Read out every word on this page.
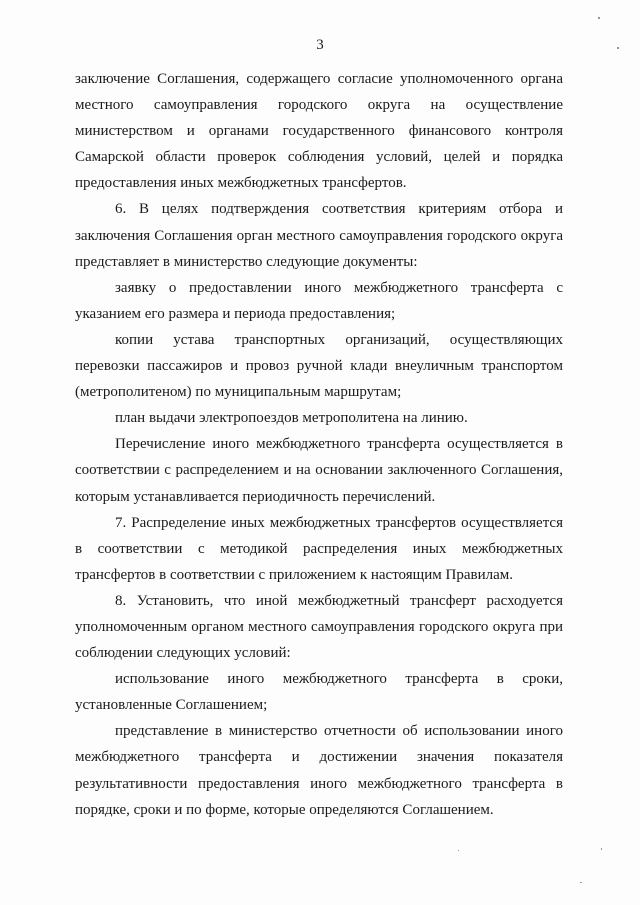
3

заключение Соглашения, содержащего согласие уполномоченного органа местного самоуправления городского округа на осуществление министерством и органами государственного финансового контроля Самарской области проверок соблюдения условий, целей и порядка предоставления иных межбюджетных трансфертов.

6. В целях подтверждения соответствия критериям отбора и заключения Соглашения орган местного самоуправления городского округа представляет в министерство следующие документы:

заявку о предоставлении иного межбюджетного трансферта с указанием его размера и периода предоставления;

копии устава транспортных организаций, осуществляющих перевозки пассажиров и провоз ручной клади внеуличным транспортом (метрополитеном) по муниципальным маршрутам;

план выдачи электропоездов метрополитена на линию.

Перечисление иного межбюджетного трансферта осуществляется в соответствии с распределением и на основании заключенного Соглашения, которым устанавливается периодичность перечислений.

7. Распределение иных межбюджетных трансфертов осуществляется в соответствии с методикой распределения иных межбюджетных трансфертов в соответствии с приложением к настоящим Правилам.

8. Установить, что иной межбюджетный трансферт расходуется уполномоченным органом местного самоуправления городского округа при соблюдении следующих условий:

использование иного межбюджетного трансферта в сроки, установленные Соглашением;

представление в министерство отчетности об использовании иного межбюджетного трансферта и достижении значения показателя результативности предоставления иного межбюджетного трансферта в порядке, сроки и по форме, которые определяются Соглашением.
